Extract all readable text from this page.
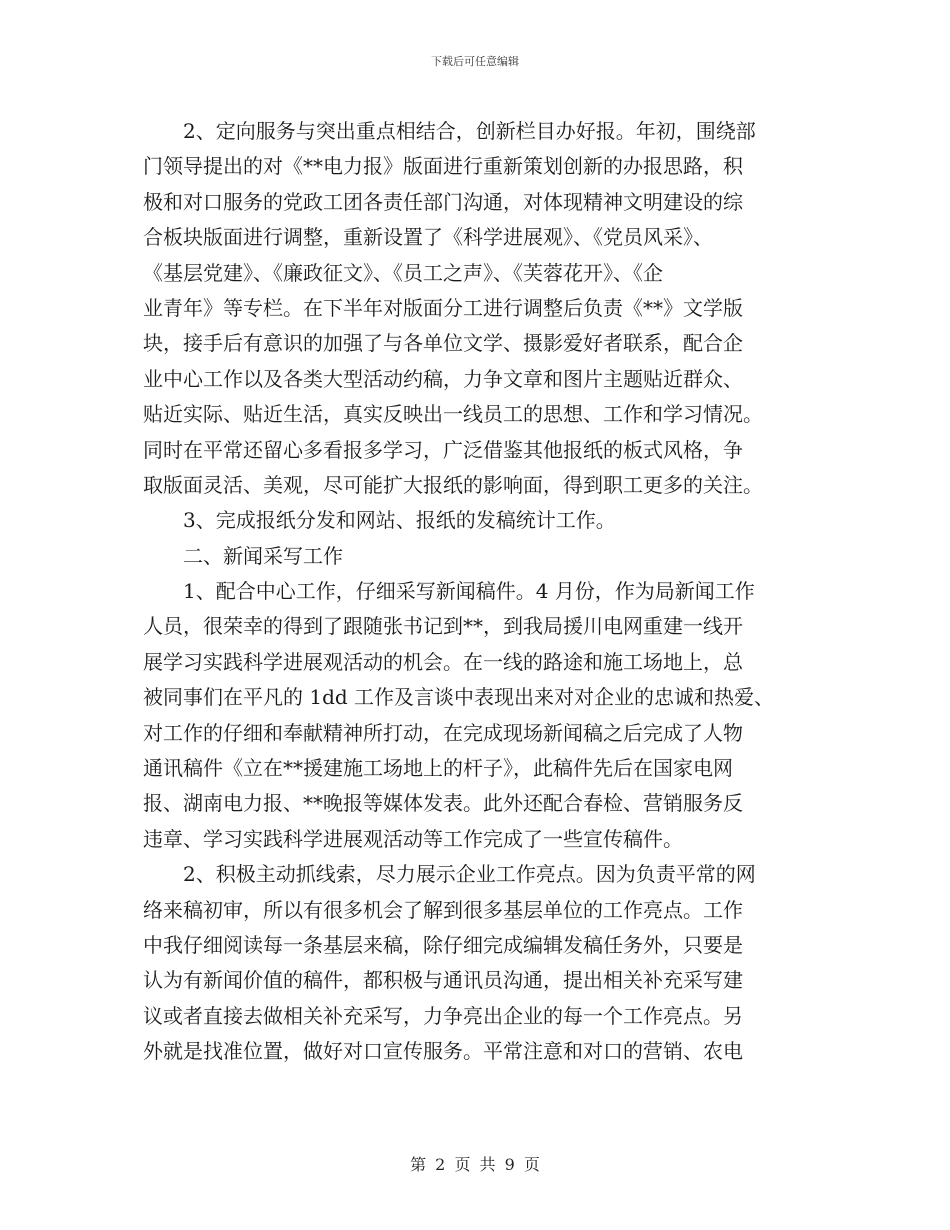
下载后可任意编辑
　　2、定向服务与突出重点相结合，创新栏目办好报。年初，围绕部
门领导提出的对《**电力报》版面进行重新策划创新的办报思路，积
极和对口服务的党政工团各责任部门沟通，对体现精神文明建设的综
合板块版面进行调整，重新设置了《科学进展观》、《党员风采》、
《基层党建》、《廉政征文》、《员工之声》、《芙蓉花开》、《企
业青年》等专栏。在下半年对版面分工进行调整后负责《**》文学版
块，接手后有意识的加强了与各单位文学、摄影爱好者联系，配合企
业中心工作以及各类大型活动约稿，力争文章和图片主题贴近群众、
贴近实际、贴近生活，真实反映出一线员工的思想、工作和学习情况。
同时在平常还留心多看报多学习，广泛借鉴其他报纸的板式风格，争
取版面灵活、美观，尽可能扩大报纸的影响面，得到职工更多的关注。
　　3、完成报纸分发和网站、报纸的发稿统计工作。
　　二、新闻采写工作
　　1、配合中心工作，仔细采写新闻稿件。4 月份，作为局新闻工作
人员，很荣幸的得到了跟随张书记到**，到我局援川电网重建一线开
展学习实践科学进展观活动的机会。在一线的路途和施工场地上，总
被同事们在平凡的 1dd 工作及言谈中表现出来对对企业的忠诚和热爱、
对工作的仔细和奉献精神所打动，在完成现场新闻稿之后完成了人物
通讯稿件《立在**援建施工场地上的杆子》，此稿件先后在国家电网
报、湖南电力报、**晚报等媒体发表。此外还配合春检、营销服务反
违章、学习实践科学进展观活动等工作完成了一些宣传稿件。
　　2、积极主动抓线索，尽力展示企业工作亮点。因为负责平常的网
络来稿初审，所以有很多机会了解到很多基层单位的工作亮点。工作
中我仔细阅读每一条基层来稿，除仔细完成编辑发稿任务外，只要是
认为有新闻价值的稿件，都积极与通讯员沟通，提出相关补充采写建
议或者直接去做相关补充采写，力争亮出企业的每一个工作亮点。另
外就是找准位置，做好对口宣传服务。平常注意和对口的营销、农电
第 2 页 共 9 页
